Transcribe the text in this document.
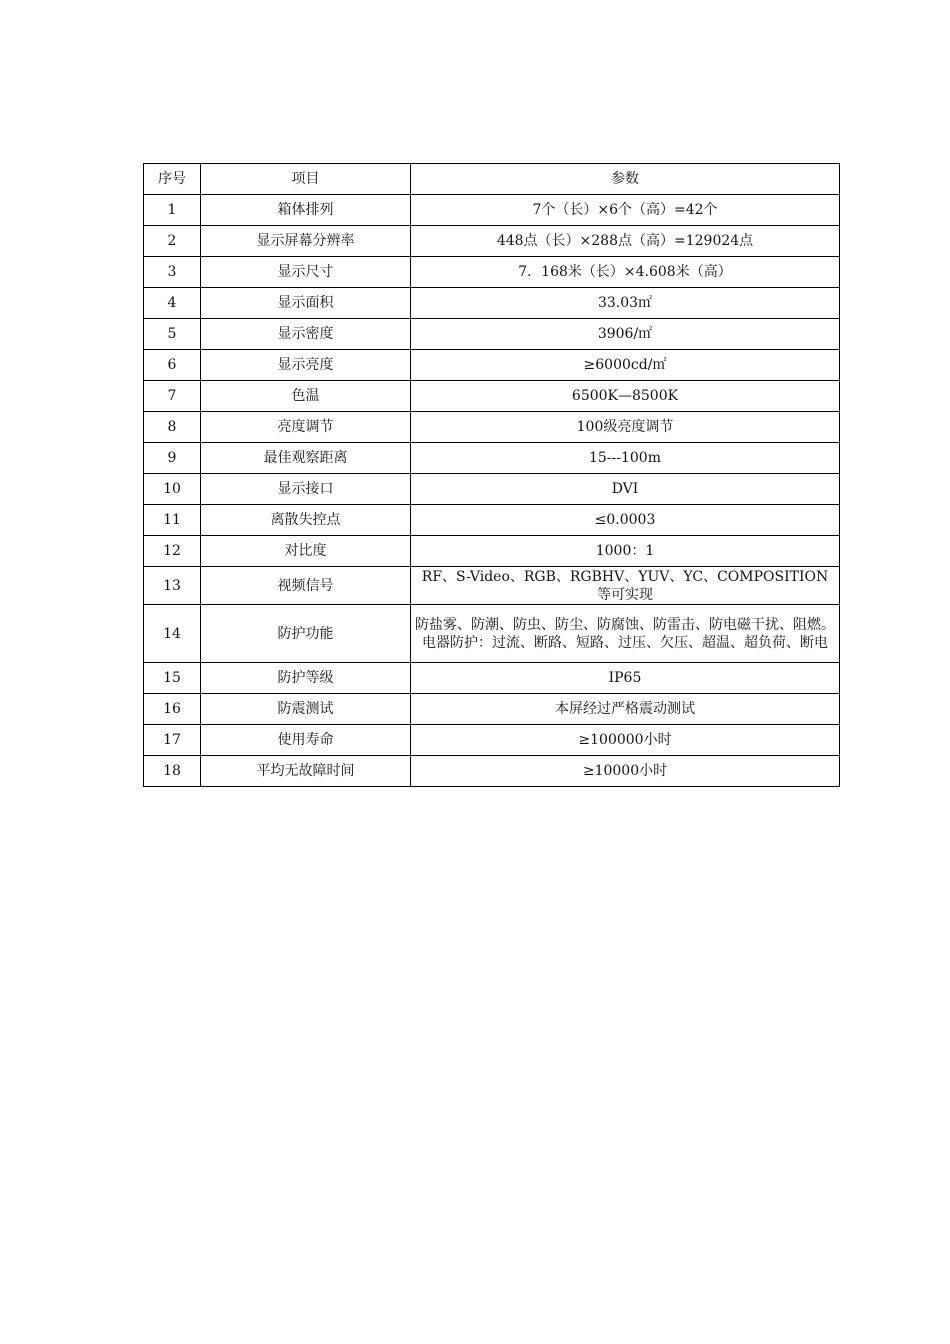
序号	项目	参数
1	箱体排列	7个（长）×6个（高）=42个
2	显示屏幕分辨率	448点（长）×288点（高）=129024点
3	显示尺寸	7．168米（长）×4.608米（高）
4	显示面积	33.03㎡
5	显示密度	3906/㎡
6	显示亮度	≥6000cd/㎡
7	色温	6500K—8500K
8	亮度调节	100级亮度调节
9	最佳观察距离	15---100m
10	显示接口	DVI
11	离散失控点	≤0.0003
12	对比度	1000：1
13	视频信号	RF、S-Video、RGB、RGBHV、YUV、YC、COMPOSITION等可实现
14	防护功能	防盐雾、防潮、防虫、防尘、防腐蚀、防雷击、防电磁干扰、阻燃。电器防护：过流、断路、短路、过压、欠压、超温、超负荷、断电
15	防护等级	IP65
16	防震测试	本屏经过严格震动测试
17	使用寿命	≥100000小时
18	平均无故障时间	≥10000小时
